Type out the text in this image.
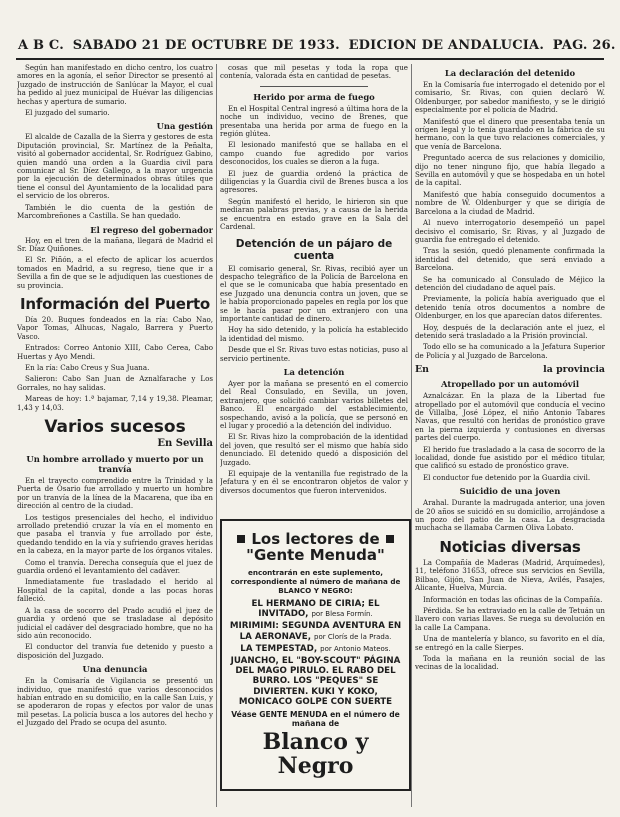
A B C. SABADO 21 DE OCTUBRE DE 1933. EDICION DE ANDALUCIA. PAG. 26.

Según han manifestado en dicho centro, los cuatro amores en la agonía, el señor Director se presentó al Juzgado de instrucción de Sanlúcar la Mayor, el cual ha pedido al juez municipal de Huévar las diligencias hechas y apertura de sumario.

El juzgado del sumario.

Una gestión

El alcalde de Cazalla de la Sierra y gestores de esta Diputación provincial, Sr. Martínez de la Peñalta, visitó al gobernador accidental, Sr. Rodríguez Gabino, quien mandó una orden a la Guardia civil para comunicar al Sr. Díez Gallego, a la mayor urgencia por la ejecución de determinados obras útiles que tiene el consul del Ayuntamiento de la localidad para el servicio de los obreros.

También le dio cuenta de la gestión de Marcombreñones a Castilla. Se han quedado.

El regreso del gobernador

Hoy, en el tren de la mañana, llegará de Madrid el Sr. Díaz Quiñones.

El Sr. Piñón, a el efecto de aplicar los acuerdos tomados en Madrid, a su regreso, tiene que ir a Sevilla a fin de que se le adjudiquen las cuestiones de su provincia.

Información del Puerto

Día 20. Buques fondeados en la ría: Cabo Nao, Vapor Tomas, Alhucas, Nagalo, Barrera y Puerto Vasco.

Entrados: Correo Antonio XIII, Cabo Cerea, Cabo Huertas y Ayo Mendi.

En la ría: Cabo Creus y Sua Juana.

Salieron: Cabo San Juan de Aznalfarache y Los Gorrales, no hay salidas.

Mareas de hoy: 1.ª bajamar, 7,14 y 19,38. Pleamar, 1,43 y 14,03.

Varios sucesos
En Sevilla
Un hombre arrollado y muerto por un tranvía

En el trayecto comprendido entre la Trinidad y la Puerta de Osario fue arrollado y muerto un hombre por un tranvía de la línea de la Macarena, que iba en dirección al centro de la ciudad.

Los testigos presenciales del hecho, el individuo arrollado pretendió cruzar la vía en el momento en que pasaba el tranvía y fue arrollado por éste, quedando tendido en la vía y sufriendo graves heridas en la cabeza, en la mayor parte de los órganos vitales.

Como el tranvía. Derecha conseguía que el juez de guardia ordenó el levantamiento del cadáver.

Inmediatamente fue trasladado el herido al Hospital de la capital, donde a las pocas horas falleció.

A la casa de socorro del Prado acudió el juez de guardia y ordenó que se trasladase al depósito judicial el cadáver del desgraciado hombre, que no ha sido aún reconocido.

El conductor del tranvía fue detenido y puesto a disposición del Juzgado.

Una denuncia

En la Comisaría de Vigilancia se presentó un individuo, que manifestó que varios desconocidos habían entrado en su domicilio, en la calle San Luis, y se apoderaron de ropas y efectos por valor de unas mil pesetas. La policía busca a los autores del hecho y el Juzgado del Prado se ocupa del asunto.

cosas que mil pesetas y toda la ropa que contenía, valorada ésta en cantidad de pesetas.

Herido por arma de fuego

En el Hospital Central ingresó a última hora de la noche un individuo, vecino de Brenes, que presentaba una herida por arma de fuego en la región glútea.

El lesionado manifestó que se hallaba en el campo cuando fue agredido por varios desconocidos, los cuales se dieron a la fuga.

El juez de guardia ordenó la práctica de diligencias y la Guardia civil de Brenes busca a los agresores.

Según manifestó el herido, le hirieron sin que mediaran palabras previas, y a causa de la herida se encuentra en estado grave en la Sala del Cardenal.

Detención de un pájaro de cuenta

El comisario general, Sr. Rivas, recibió ayer un despacho telegráfico de la Policía de Barcelona en el que se le comunicaba que había presentado en ese Juzgado una denuncia contra un joven, que se le había proporcionado papeles en regla por los que se le hacía pasar por un extranjero con una importante cantidad de dinero.

Hoy ha sido detenido, y la policía ha establecido la identidad del mismo.

Desde que el Sr. Rivas tuvo estas noticias, puso al servicio pertinente.

La detención

Ayer por la mañana se presentó en el comercio del Real Consulado, en Sevilla, un joven, extranjero, que solicitó cambiar varios billetes del Banco. El encargado del establecimiento, sospechando, avisó a la policía, que se personó en el lugar y procedió a la detención del individuo.

El Sr. Rivas hizo la comprobación de la identidad del joven, que resultó ser el mismo que había sido denunciado. El detenido quedó a disposición del Juzgado.

El equipaje de la ventanilla fue registrado de la Jefatura y en él se encontraron objetos de valor y diversos documentos que fueron intervenidos.

Los lectores de
"Gente Menuda"
encontrarán en este suplemento, correspondiente al número de mañana de BLANCO Y NEGRO:
EL HERMANO DE CIRIA; EL INVITADO, por Blesa Formín.
MIRIMIMI: SEGUNDA AVENTURA EN LA AERONAVE, por Clorís de la Prada.
LA TEMPESTAD, por Antonio Mateos.
JUANCHO, EL "BOY-SCOUT" PÁGINA DEL MAGO PIRULO. EL RABO DEL BURRO. LOS "PEQUES" SE DIVIERTEN. KUKI Y KOKO, MONICACO GOLPE CON SUERTE
Véase GENTE MENUDA en el número de mañana de
Blanco y Negro
La declaración del detenido

En la Comisaría fue interrogado el detenido por el comisario, Sr. Rivas, con quien declaró W. Oldenburger, por sabedor manifiesto, y se le dirigió especialmente por el policía de Madrid.

Manifestó que el dinero que presentaba tenía un orígen legal y lo tenía guardado en la fábrica de su hermano, con la que tuvo relaciones comerciales, y que venía de Barcelona.

Preguntado acerca de sus relaciones y domicilio, dijo no tener ninguno fijo, que había llegado a Sevilla en automóvil y que se hospedaba en un hotel de la capital.

Manifestó que había conseguido documentos a nombre de W. Oldenburger y que se dirigía de Barcelona a la ciudad de Madrid.

Al nuevo interrogatorio desempeñó un papel decisivo el comisario, Sr. Rivas, y al Juzgado de guardia fue entregado el detenido.

Tras la sesión, quedó plenamente confirmada la identidad del detenido, que será enviado a Barcelona.

Se ha comunicado al Consulado de Méjico la detención del ciudadano de aquel país.

Previamente, la policía había averiguado que el detenido tenía otros documentos a nombre de Oldenburger, en los que aparecían datos diferentes.

Hoy, después de la declaración ante el juez, el detenido será trasladado a la Prisión provincial.

Todo ello se ha comunicado a la Jefatura Superior de Policía y al Juzgado de Barcelona.

En	la provincia
Atropellado por un automóvil

Aznalcázar. En la plaza de la Libertad fue atropellado por el automóvil que conducía el vecino de Villalba, José López, el niño Antonio Tabares Navas, que resultó con heridas de pronóstico grave en la pierna izquierda y contusiones en diversas partes del cuerpo.

El herido fue trasladado a la casa de socorro de la localidad, donde fue asistido por el médico titular, que calificó su estado de pronóstico grave.

El conductor fue detenido por la Guardia civil.

Suicidio de una joven

Arahal. Durante la madrugada anterior, una joven de 20 años se suicidó en su domicilio, arrojándose a un pozo del patio de la casa. La desgraciada muchacha se llamaba Carmen Oliva Lobato.

Noticias diversas

La Compañía de Maderas (Madrid, Arquímedes), 11, teléfono 31653, ofrece sus servicios en Sevilla, Bilbao, Gijón, San Juan de Nieva, Avilés, Pasajes, Alicante, Huelva, Murcia.

Información en todas las oficinas de la Compañía.

Pérdida. Se ha extraviado en la calle de Tetuán un llavero con varias llaves. Se ruega su devolución en la calle La Campana.

Una de mantelería y blanco, su favorito en el día, se entregó en la calle Sierpes.

Toda la mañana en la reunión social de las vecinas de la localidad.
